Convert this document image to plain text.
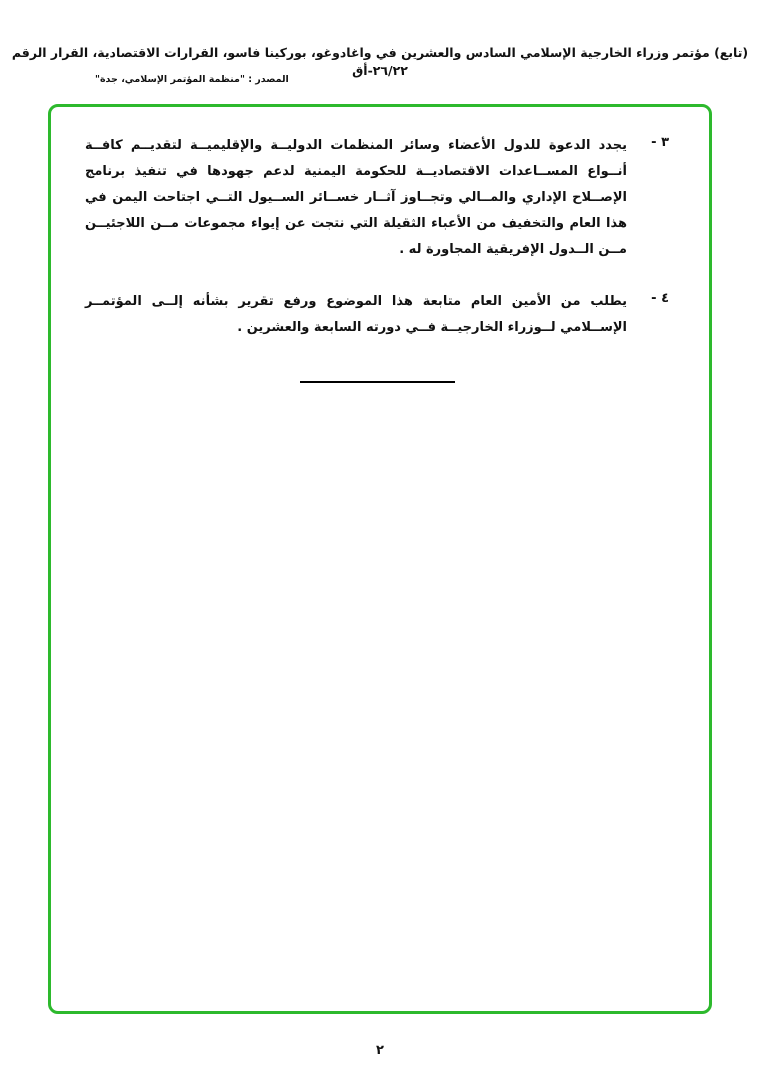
(تابع) مؤتمر وزراء الخارجية الإسلامي السادس والعشرين في واغادوغو، بوركينا فاسو، القرارات الاقتصادية، القرار الرقم ٢٦/٢٢-أق
المصدر : "منظمة المؤتمر الإسلامي، جدة"
٣ -

يجدد الدعوة للدول الأعضاء وسائر المنظمات الدوليــة والإقليميــة لتقديــم كافــة أنــواع المســاعدات الاقتصاديــة للحكومة اليمنية لدعم جهودها في تنفيذ برنامج الإصــلاح الإداري والمــالي وتجــاوز آثــار خســائر الســيول التــي اجتاحت اليمن في هذا العام والتخفيف من الأعباء الثقيلة التي نتجت عن إيواء مجموعات مــن اللاجئيــن مــن الــدول الإفريقية المجاورة له .

٤ -

يطلب من الأمين العام متابعة هذا الموضوع ورفع تقرير بشأنه إلــى المؤتمــر الإســلامي لــوزراء الخارجيــة فــي دورته السابعة والعشرين .

٢
